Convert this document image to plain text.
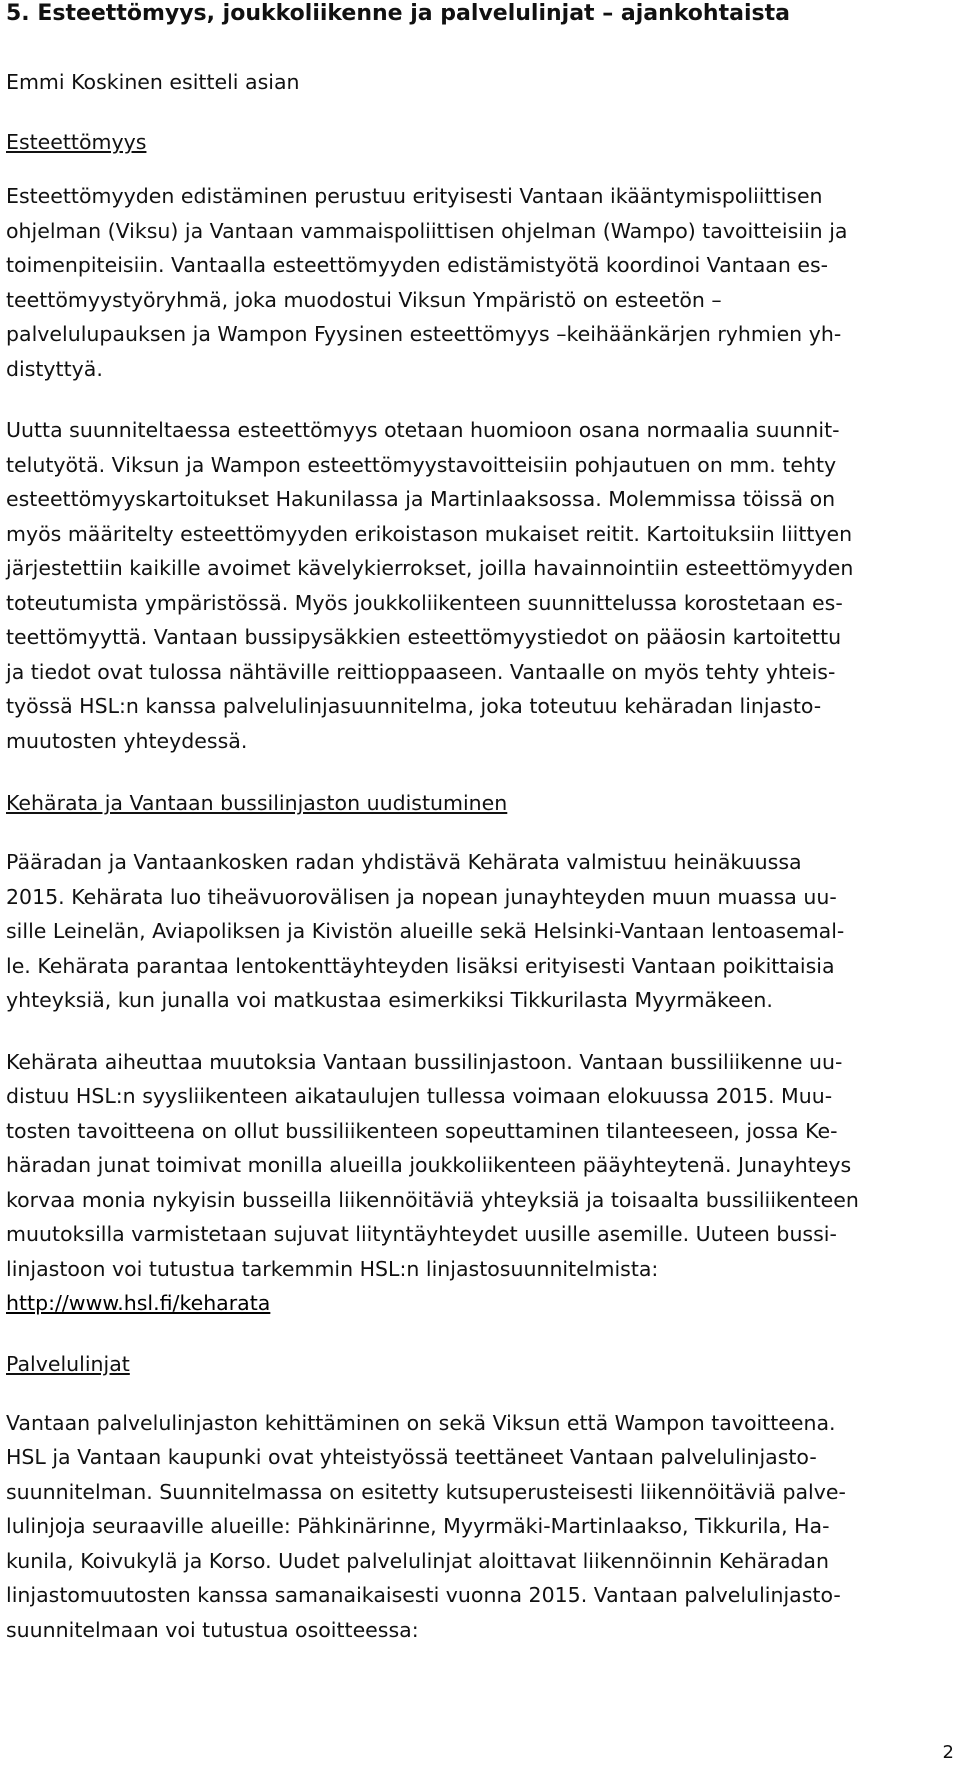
5. Esteettömyys, joukkoliikenne ja palvelulinjat – ajankohtaista
Emmi Koskinen esitteli asian
Esteettömyys

Esteettömyyden edistäminen perustuu erityisesti Vantaan ikääntymispoliittisen
ohjelman (Viksu) ja Vantaan vammaispoliittisen ohjelman (Wampo) tavoitteisiin ja
toimenpiteisiin. Vantaalla esteettömyyden edistämistyötä koordinoi Vantaan es-
teettömyystyöryhmä, joka muodostui Viksun Ympäristö on esteetön –
palvelulupauksen ja Wampon Fyysinen esteettömyys –keihäänkärjen ryhmien yh-
distyttyä.

Uutta suunniteltaessa esteettömyys otetaan huomioon osana normaalia suunnit-
telutyötä. Viksun ja Wampon esteettömyystavoitteisiin pohjautuen on mm. tehty
esteettömyyskartoitukset Hakunilassa ja Martinlaaksossa. Molemmissa töissä on
myös määritelty esteettömyyden erikoistason mukaiset reitit. Kartoituksiin liittyen
järjestettiin kaikille avoimet kävelykierrokset, joilla havainnointiin esteettömyyden
toteutumista ympäristössä. Myös joukkoliikenteen suunnittelussa korostetaan es-
teettömyyttä. Vantaan bussipysäkkien esteettömyystiedot on pääosin kartoitettu
ja tiedot ovat tulossa nähtäville reittioppaaseen. Vantaalle on myös tehty yhteis-
työssä HSL:n kanssa palvelulinjasuunnitelma, joka toteutuu kehäradan linjasto-
muutosten yhteydessä.

Kehärata ja Vantaan bussilinjaston uudistuminen

Pääradan ja Vantaankosken radan yhdistävä Kehärata valmistuu heinäkuussa
2015. Kehärata luo tiheävuorovälisen ja nopean junayhteyden muun muassa uu-
sille Leinelän, Aviapoliksen ja Kivistön alueille sekä Helsinki-Vantaan lentoasemal-
le. Kehärata parantaa lentokenttäyhteyden lisäksi erityisesti Vantaan poikittaisia
yhteyksiä, kun junalla voi matkustaa esimerkiksi Tikkurilasta Myyrmäkeen.

Kehärata aiheuttaa muutoksia Vantaan bussilinjastoon. Vantaan bussiliikenne uu-
distuu HSL:n syysliikenteen aikataulujen tullessa voimaan elokuussa 2015. Muu-
tosten tavoitteena on ollut bussiliikenteen sopeuttaminen tilanteeseen, jossa Ke-
häradan junat toimivat monilla alueilla joukkoliikenteen pääyhteytenä. Junayhteys
korvaa monia nykyisin busseilla liikennöitäviä yhteyksiä ja toisaalta bussiliikenteen
muutoksilla varmistetaan sujuvat liityntäyhteydet uusille asemille. Uuteen bussi-
linjastoon voi tutustua tarkemmin HSL:n linjastosuunnitelmista:

http://www.hsl.fi/keharata

Palvelulinjat

Vantaan palvelulinjaston kehittäminen on sekä Viksun että Wampon tavoitteena.
HSL ja Vantaan kaupunki ovat yhteistyössä teettäneet Vantaan palvelulinjasto-
suunnitelman. Suunnitelmassa on esitetty kutsuperusteisesti liikennöitäviä palve-
lulinjoja seuraaville alueille: Pähkinärinne, Myyrmäki-Martinlaakso, Tikkurila, Ha-
kunila, Koivukylä ja Korso. Uudet palvelulinjat aloittavat liikennöinnin Kehäradan
linjastomuutosten kanssa samanaikaisesti vuonna 2015. Vantaan palvelulinjasto-
suunnitelmaan voi tutustua osoitteessa:

2
